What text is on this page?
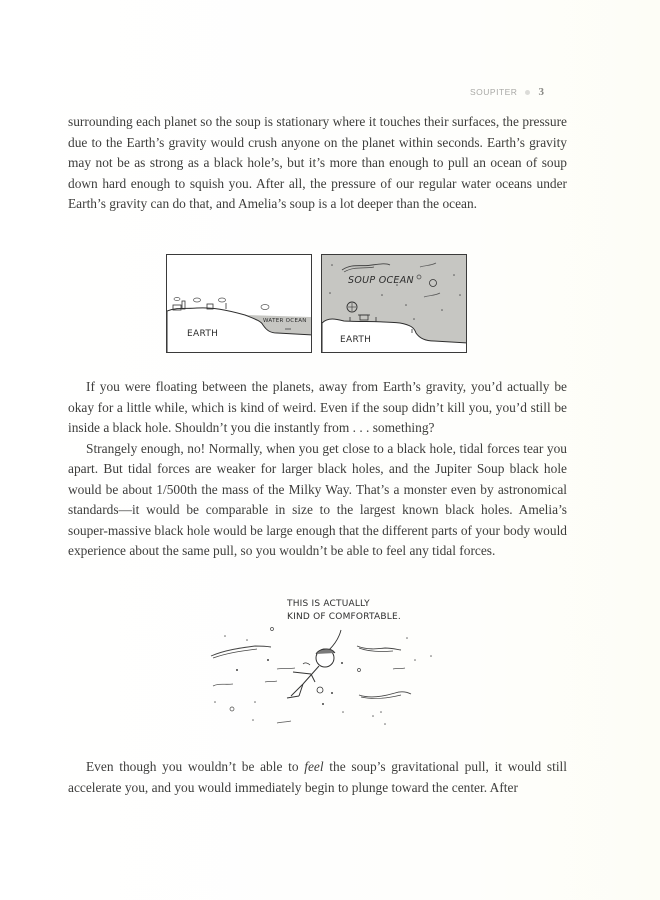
SOUPITER 3

surrounding each planet so the soup is stationary where it touches their surfaces, the pressure due to the Earth’s gravity would crush anyone on the planet within seconds. Earth’s gravity may not be as strong as a black hole’s, but it’s more than enough to pull an ocean of soup down hard enough to squish you. After all, the pressure of our regular water oceans under Earth’s gravity can do that, and Amelia’s soup is a lot deeper than the ocean.

EARTH
WATER OCEAN
SOUP OCEAN
EARTH

If you were floating between the planets, away from Earth’s gravity, you’d actually be okay for a little while, which is kind of weird. Even if the soup didn’t kill you, you’d still be inside a black hole. Shouldn’t you die instantly from . . . something?

Strangely enough, no! Normally, when you get close to a black hole, tidal forces tear you apart. But tidal forces are weaker for larger black holes, and the Jupiter Soup black hole would be about 1/500th the mass of the Milky Way. That’s a monster even by astronomical standards—it would be comparable in size to the largest known black holes. Amelia’s souper-massive black hole would be large enough that the different parts of your body would experience about the same pull, so you wouldn’t be able to feel any tidal forces.

THIS IS ACTUALLY
KIND OF COMFORTABLE.

Even though you wouldn’t be able to feel the soup’s gravitational pull, it would still accelerate you, and you would immediately begin to plunge toward the center. After
